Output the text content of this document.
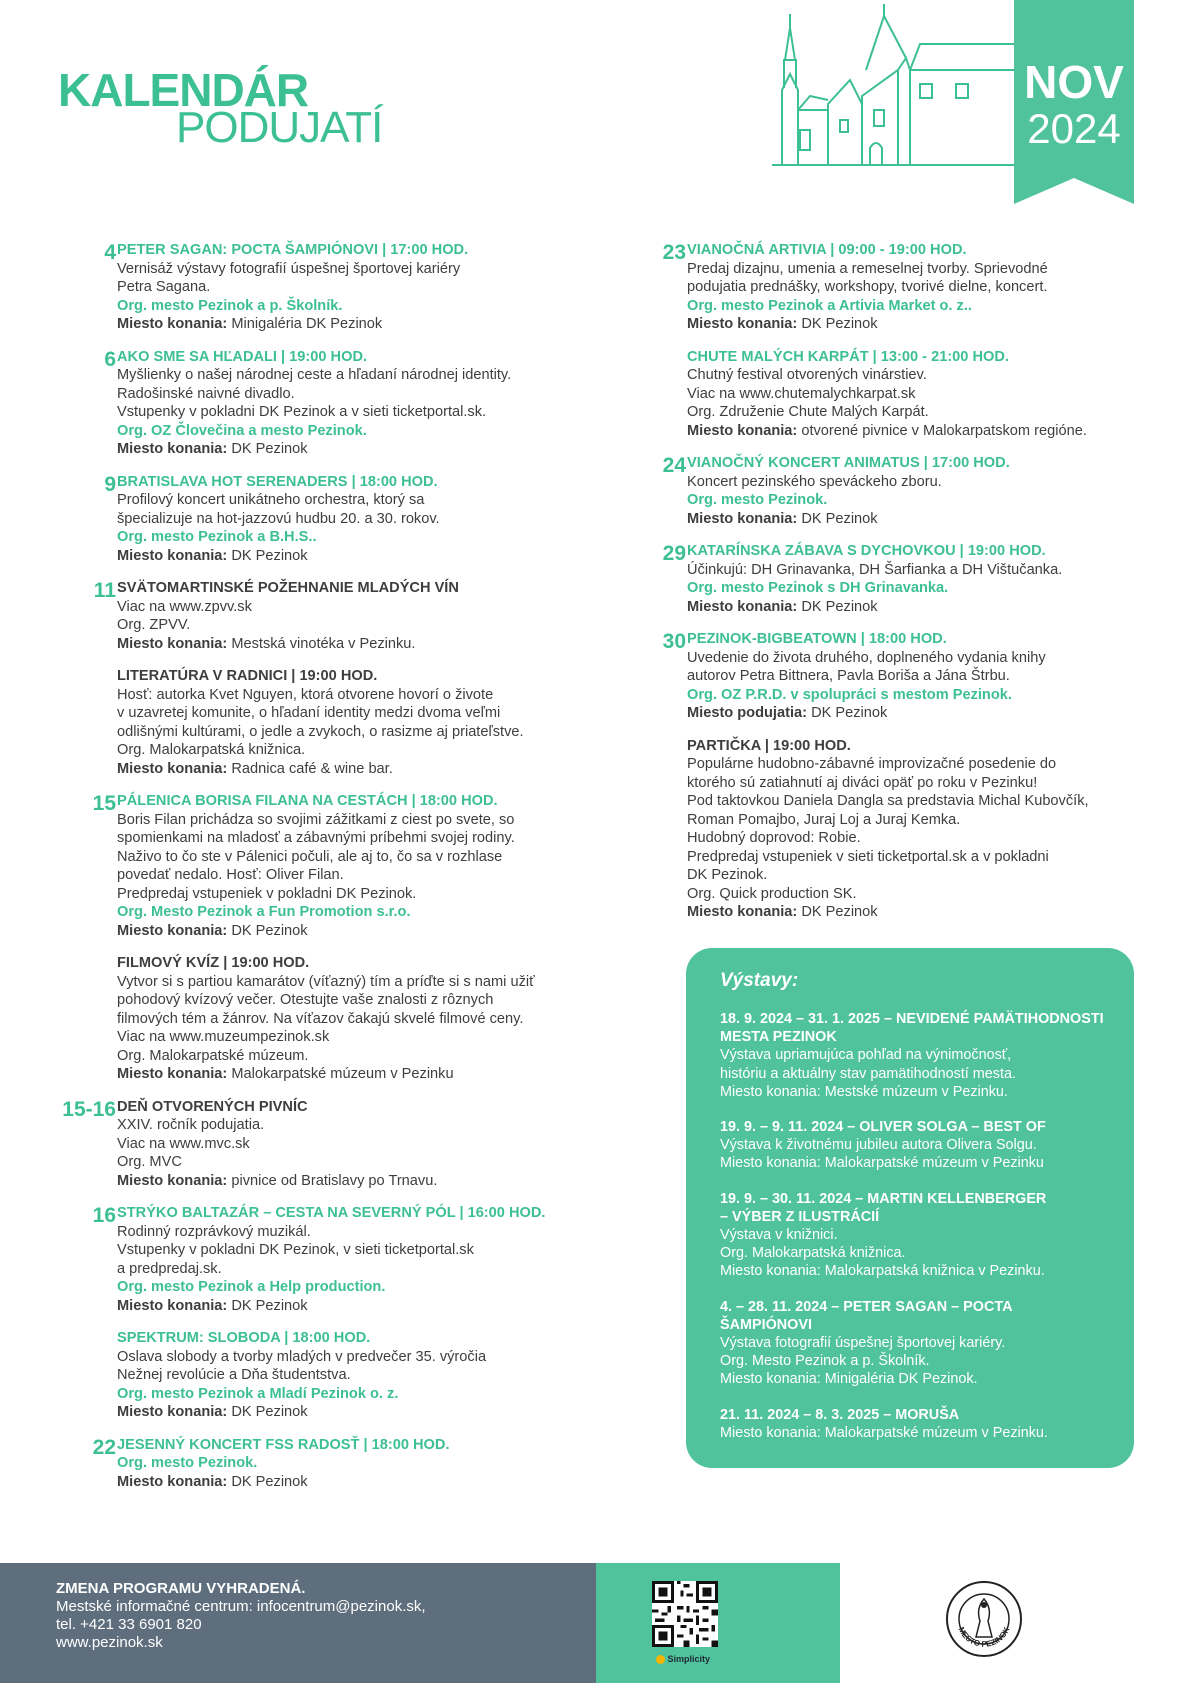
KALENDÁR
PODUJATÍ
NOV
2024
4 PETER SAGAN: POCTA ŠAMPIÓNOVI | 17:00 HOD.
Vernisáž výstavy fotografií úspešnej športovej kariéry
Petra Sagana.
Org. mesto Pezinok a p. Školník.
Miesto konania: Minigaléria DK Pezinok
6 AKO SME SA HĽADALI | 19:00 HOD.
Myšlienky o našej národnej ceste a hľadaní národnej identity.
Radošinské naivné divadlo.
Vstupenky v pokladni DK Pezinok a v sieti ticketportal.sk.
Org. OZ Človečina a mesto Pezinok.
Miesto konania: DK Pezinok
9 BRATISLAVA HOT SERENADERS | 18:00 HOD.
Profilový koncert unikátneho orchestra, ktorý sa
špecializuje na hot-jazzovú hudbu 20. a 30. rokov.
Org. mesto Pezinok a B.H.S..
Miesto konania: DK Pezinok
11 SVÄTOMARTINSKÉ POŽEHNANIE MLADÝCH VÍN
Viac na www.zpvv.sk
Org. ZPVV.
Miesto konania: Mestská vinotéka v Pezinku.
LITERATÚRA V RADNICI | 19:00 HOD.
Hosť: autorka Kvet Nguyen, ktorá otvorene hovorí o živote
v uzavretej komunite, o hľadaní identity medzi dvoma veľmi
odlišnými kultúrami, o jedle a zvykoch, o rasizme aj priateľstve.
Org. Malokarpatská knižnica.
Miesto konania: Radnica café & wine bar.
15 PÁLENICA BORISA FILANA NA CESTÁCH | 18:00 HOD.
Boris Filan prichádza so svojimi zážitkami z ciest po svete, so
spomienkami na mladosť a zábavnými príbehmi svojej rodiny.
Naživo to čo ste v Pálenici počuli, ale aj to, čo sa v rozhlase
povedať nedalo. Hosť: Oliver Filan.
Predpredaj vstupeniek v pokladni DK Pezinok.
Org. Mesto Pezinok a Fun Promotion s.r.o.
Miesto konania: DK Pezinok
FILMOVÝ KVÍZ | 19:00 HOD.
Vytvor si s partiou kamarátov (víťazný) tím a príďte si s nami užiť
pohodový kvízový večer. Otestujte vaše znalosti z rôznych
filmových tém a žánrov. Na víťazov čakajú skvelé filmové ceny.
Viac na www.muzeumpezinok.sk
Org. Malokarpatské múzeum.
Miesto konania: Malokarpatské múzeum v Pezinku
15-16 DEŇ OTVORENÝCH PIVNÍC
XXIV. ročník podujatia.
Viac na www.mvc.sk
Org. MVC
Miesto konania: pivnice od Bratislavy po Trnavu.
16 STRÝKO BALTAZÁR – CESTA NA SEVERNÝ PÓL | 16:00 HOD.
Rodinný rozprávkový muzikál.
Vstupenky v pokladni DK Pezinok, v sieti ticketportal.sk
a predpredaj.sk.
Org. mesto Pezinok a Help production.
Miesto konania: DK Pezinok
SPEKTRUM: SLOBODA | 18:00 HOD.
Oslava slobody a tvorby mladých v predvečer 35. výročia
Nežnej revolúcie a Dňa študentstva.
Org. mesto Pezinok a Mladí Pezinok o. z.
Miesto konania: DK Pezinok
22 JESENNÝ KONCERT FSS RADOSŤ | 18:00 HOD.
Org. mesto Pezinok.
Miesto konania: DK Pezinok
23 VIANOČNÁ ARTIVIA | 09:00 - 19:00 HOD.
Predaj dizajnu, umenia a remeselnej tvorby. Sprievodné
podujatia prednášky, workshopy, tvorivé dielne, koncert.
Org. mesto Pezinok a Artivia Market o. z..
Miesto konania: DK Pezinok
CHUTE MALÝCH KARPÁT | 13:00 - 21:00 HOD.
Chutný festival otvorených vinárstiev.
Viac na www.chutemalychkarpat.sk
Org. Združenie Chute Malých Karpát.
Miesto konania: otvorené pivnice v Malokarpatskom regióne.
24 VIANOČNÝ KONCERT ANIMATUS | 17:00 HOD.
Koncert pezinského speváckeho zboru.
Org. mesto Pezinok.
Miesto konania: DK Pezinok
29 KATARÍNSKA ZÁBAVA S DYCHOVKOU | 19:00 HOD.
Účinkujú: DH Grinavanka, DH Šarfianka a DH Vištučanka.
Org. mesto Pezinok s DH Grinavanka.
Miesto konania: DK Pezinok
30 PEZINOK-BIGBEATOWN | 18:00 HOD.
Uvedenie do života druhého, doplneného vydania knihy
autorov Petra Bittnera, Pavla Boriša a Jána Štrbu.
Org. OZ P.R.D. v spolupráci s mestom Pezinok.
Miesto podujatia: DK Pezinok
PARTIČKA | 19:00 HOD.
Populárne hudobno-zábavné improvizačné posedenie do
ktorého sú zatiahnutí aj diváci opäť po roku v Pezinku!
Pod taktovkou Daniela Dangla sa predstavia Michal Kubovčík,
Roman Pomajbo, Juraj Loj a Juraj Kemka.
Hudobný doprovod: Robie.
Predpredaj vstupeniek v sieti ticketportal.sk a v pokladni
DK Pezinok.
Org. Quick production SK.
Miesto konania: DK Pezinok
Výstavy:
18. 9. 2024 – 31. 1. 2025 – NEVIDENÉ PAMÄTIHODNOSTI
MESTA PEZINOK
Výstava upriamujúca pohľad na výnimočnosť,
históriu a aktuálny stav pamätihodností mesta.
Miesto konania: Mestské múzeum v Pezinku.
19. 9. – 9. 11. 2024 – OLIVER SOLGA – BEST OF
Výstava k životnému jubileu autora Olivera Solgu.
Miesto konania: Malokarpatské múzeum v Pezinku
19. 9. – 30. 11. 2024 – MARTIN KELLENBERGER
– VÝBER Z ILUSTRÁCIÍ
Výstava v knižnici.
Org. Malokarpatská knižnica.
Miesto konania: Malokarpatská knižnica v Pezinku.
4. – 28. 11. 2024 – PETER SAGAN – POCTA
ŠAMPIÓNOVI
Výstava fotografií úspešnej športovej kariéry.
Org. Mesto Pezinok a p. Školník.
Miesto konania: Minigaléria DK Pezinok.
21. 11. 2024 – 8. 3. 2025 – MORUŠA
Miesto konania: Malokarpatské múzeum v Pezinku.
ZMENA PROGRAMU VYHRADENÁ.
Mestské informačné centrum: infocentrum@pezinok.sk,
tel. +421 33 6901 820
www.pezinok.sk
Simplicity
MESTO PEZINOK
